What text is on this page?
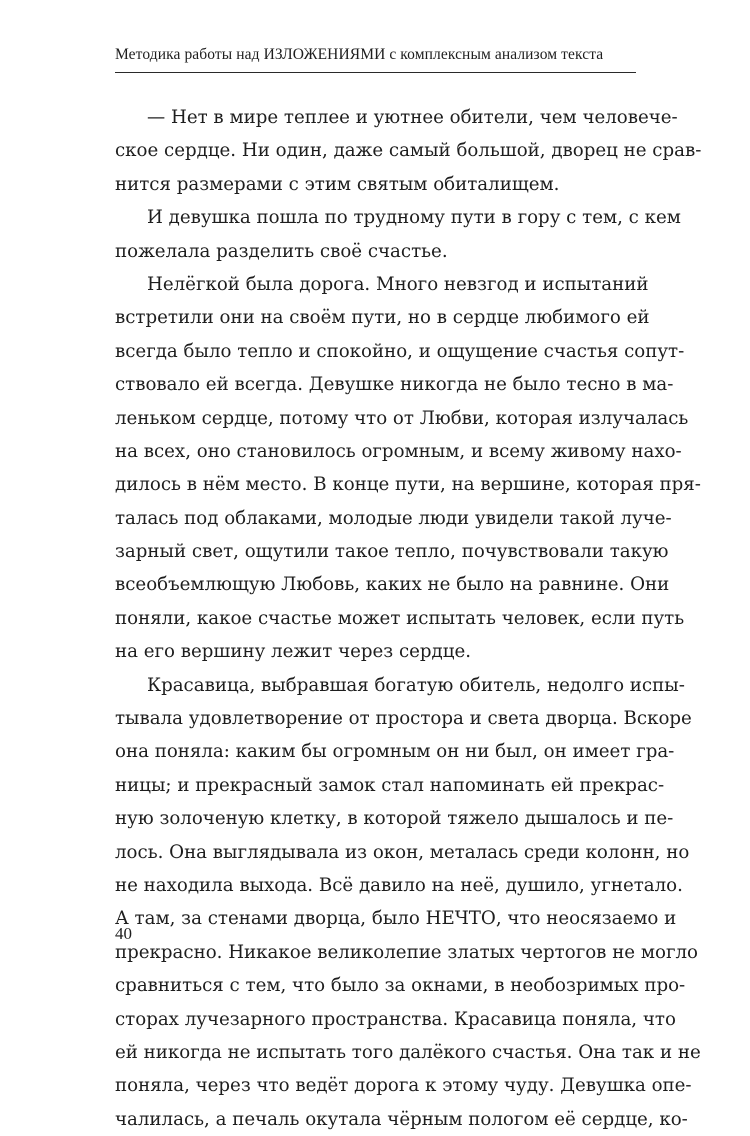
Методика работы над ИЗЛОЖЕНИЯМИ с комплексным анализом текста
— Нет в мире теплее и уютнее обители, чем человече-
ское сердце. Ни один, даже самый большой, дворец не срав-
нится размерами с этим святым обиталищем.
И девушка пошла по трудному пути в гору с тем, с кем
пожелала разделить своё счастье.
Нелёгкой была дорога. Много невзгод и испытаний
встретили они на своём пути, но в сердце любимого ей
всегда было тепло и спокойно, и ощущение счастья сопут-
ствовало ей всегда. Девушке никогда не было тесно в ма-
леньком сердце, потому что от Любви, которая излучалась
на всех, оно становилось огромным, и всему живому нахо-
дилось в нём место. В конце пути, на вершине, которая пря-
талась под облаками, молодые люди увидели такой луче-
зарный свет, ощутили такое тепло, почувствовали такую
всеобъемлющую Любовь, каких не было на равнине. Они
поняли, какое счастье может испытать человек, если путь
на его вершину лежит через сердце.
Красавица, выбравшая богатую обитель, недолго испы-
тывала удовлетворение от простора и света дворца. Вскоре
она поняла: каким бы огромным он ни был, он имеет гра-
ницы; и прекрасный замок стал напоминать ей прекрас-
ную золоченую клетку, в которой тяжело дышалось и пе-
лось. Она выглядывала из окон, металась среди колонн, но
не находила выхода. Всё давило на неё, душило, угнетало.
А там, за стенами дворца, было НЕЧТО, что неосязаемо и
прекрасно. Никакое великолепие златых чертогов не могло
сравниться с тем, что было за окнами, в необозримых про-
сторах лучезарного пространства. Красавица поняла, что
ей никогда не испытать того далёкого счастья. Она так и не
поняла, через что ведёт дорога к этому чуду. Девушка опе-
чалилась, а печаль окутала чёрным пологом её сердце, ко-
40
